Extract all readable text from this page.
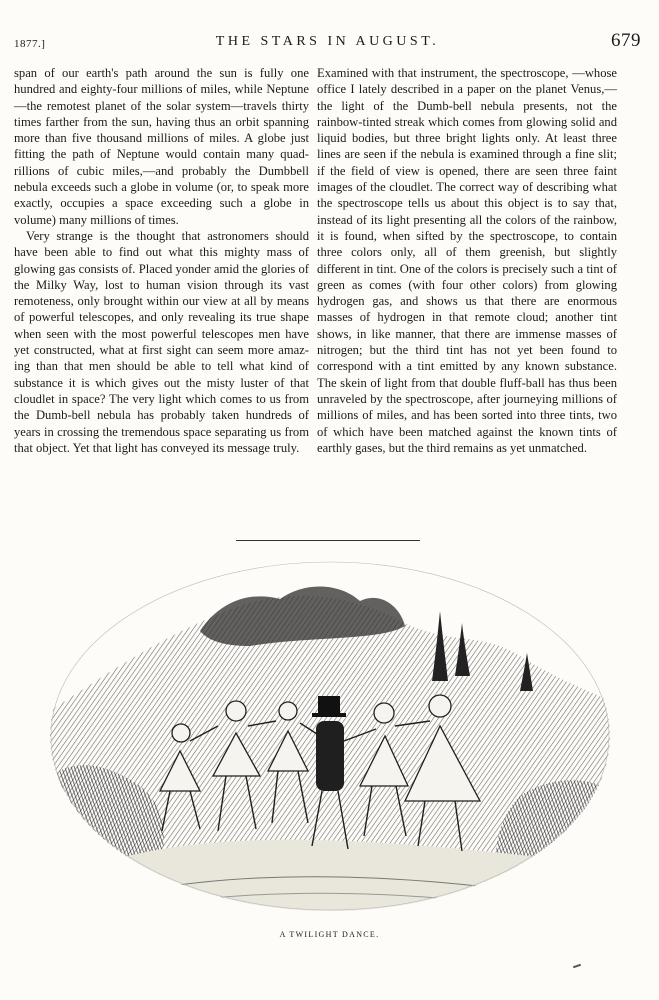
1877.]	THE STARS IN AUGUST.	679

span of our earth's path around the sun is fully one hundred and eighty-four millions of miles, while Neptune—the remotest planet of the solar system—travels thirty times farther from the sun, having thus an orbit spanning more than five thousand millions of miles. A globe just fitting the path of Neptune would contain many quadrillions of cubic miles,—and probably the Dumbbell nebula exceeds such a globe in volume (or, to speak more exactly, occupies a space exceeding such a globe in volume) many millions of times.

Very strange is the thought that astronomers should have been able to find out what this mighty mass of glowing gas consists of. Placed yonder amid the glories of the Milky Way, lost to human vision through its vast remoteness, only brought within our view at all by means of powerful telescopes, and only revealing its true shape when seen with the most powerful telescopes men have yet constructed, what at first sight can seem more amazing than that men should be able to tell what kind of substance it is which gives out the misty luster of that cloudlet in space? The very light which comes to us from the Dumb-bell nebula has probably taken hundreds of years in crossing the tremendous space separating us from that object. Yet that light has conveyed its message truly.

Examined with that instrument, the spectroscope, —whose office I lately described in a paper on the planet Venus,—the light of the Dumb-bell nebula presents, not the rainbow-tinted streak which comes from glowing solid and liquid bodies, but three bright lights only. At least three lines are seen if the nebula is examined through a fine slit; if the field of view is opened, there are seen three faint images of the cloudlet. The correct way of describing what the spectroscope tells us about this object is to say that, instead of its light presenting all the colors of the rainbow, it is found, when sifted by the spectroscope, to contain three colors only, all of them greenish, but slightly different in tint. One of the colors is precisely such a tint of green as comes (with four other colors) from glowing hydrogen gas, and shows us that there are enormous masses of hydrogen in that remote cloud; another tint shows, in like manner, that there are immense masses of nitrogen; but the third tint has not yet been found to correspond with a tint emitted by any known substance. The skein of light from that double fluff-ball has thus been unraveled by the spectroscope, after journeying millions of millions of miles, and has been sorted into three tints, two of which have been matched against the known tints of earthly gases, but the third remains as yet unmatched.

A TWILIGHT DANCE.
